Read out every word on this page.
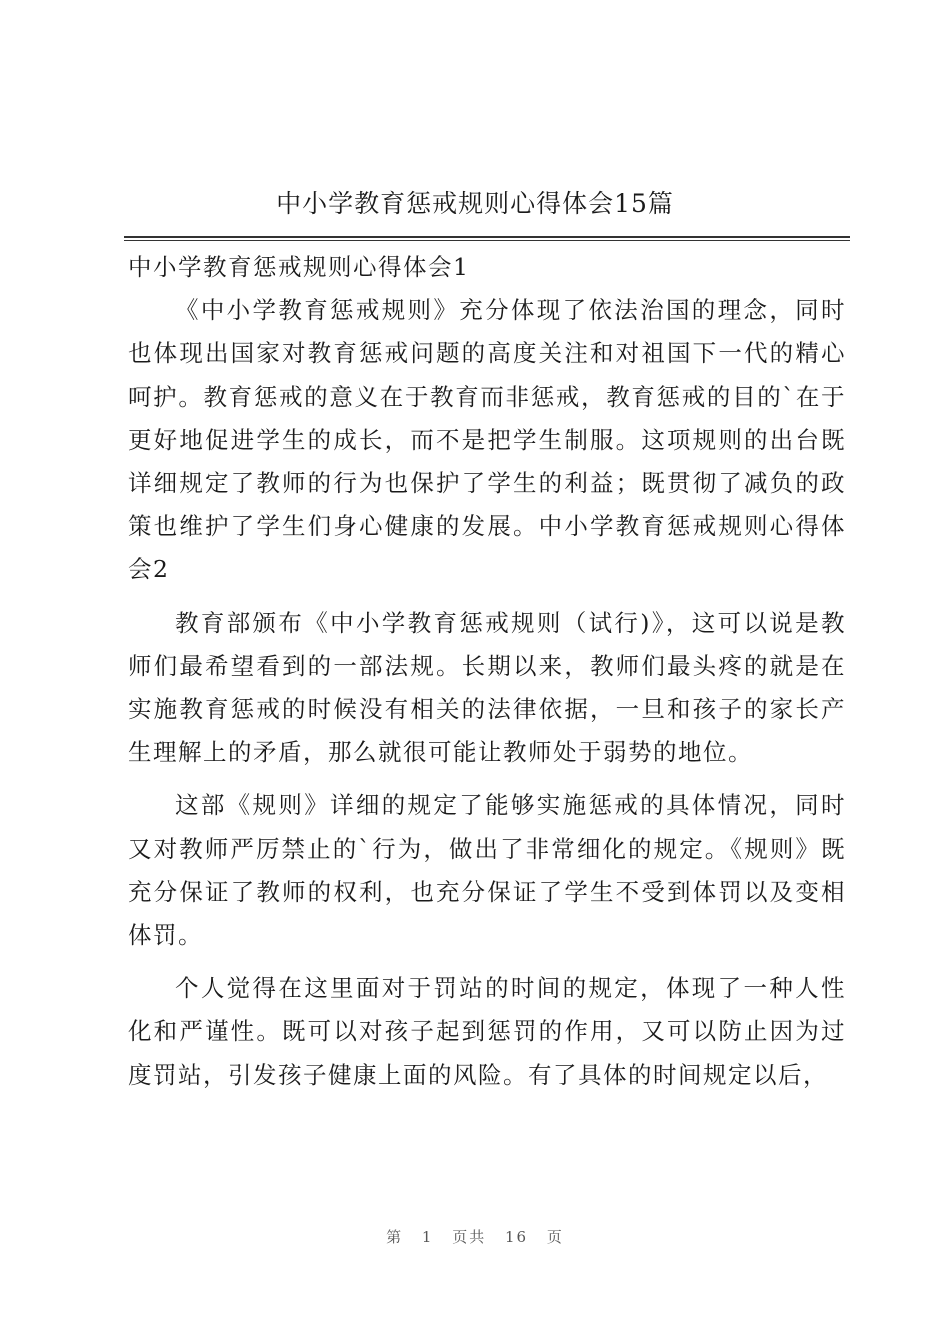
中小学教育惩戒规则心得体会15篇

中小学教育惩戒规则心得体会1

《中小学教育惩戒规则》充分体现了依法治国的理念，同时也体现出国家对教育惩戒问题的高度关注和对祖国下一代的精心呵护。教育惩戒的意义在于教育而非惩戒，教育惩戒的目的`在于更好地促进学生的成长，而不是把学生制服。这项规则的出台既详细规定了教师的行为也保护了学生的利益；既贯彻了减负的政策也维护了学生们身心健康的发展。中小学教育惩戒规则心得体会2

教育部颁布《中小学教育惩戒规则（试行)》，这可以说是教师们最希望看到的一部法规。长期以来，教师们最头疼的就是在实施教育惩戒的时候没有相关的法律依据，一旦和孩子的家长产生理解上的矛盾，那么就很可能让教师处于弱势的地位。

这部《规则》详细的规定了能够实施惩戒的具体情况，同时又对教师严厉禁止的`行为，做出了非常细化的规定。《规则》既充分保证了教师的权利，也充分保证了学生不受到体罚以及变相体罚。

个人觉得在这里面对于罚站的时间的规定，体现了一种人性化和严谨性。既可以对孩子起到惩罚的作用，又可以防止因为过度罚站，引发孩子健康上面的风险。有了具体的时间规定以后，

第 1 页共 16 页
